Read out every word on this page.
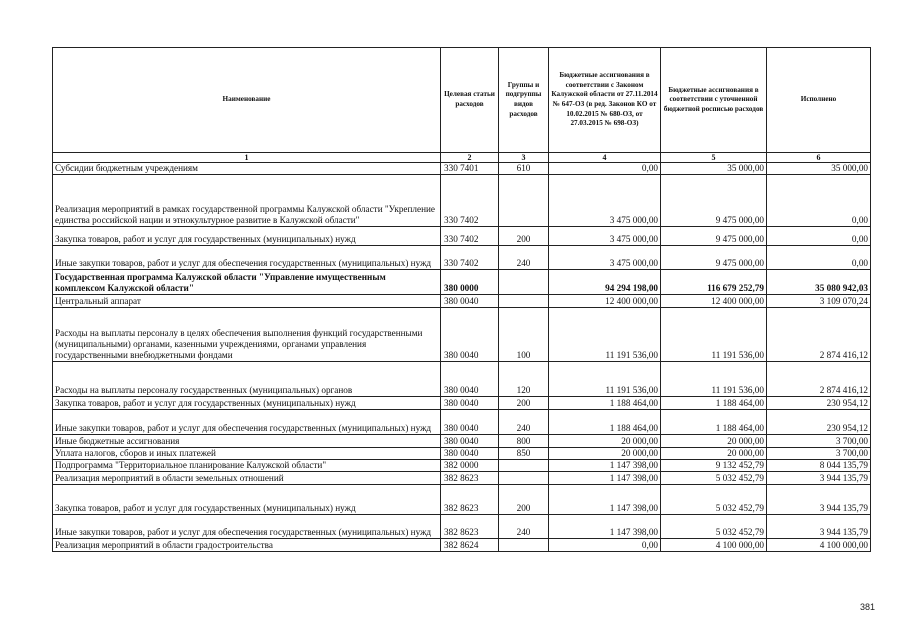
Наименование	Целевая статьи расходов	Группы и подгруппы видов расходов	Бюджетные ассигнования в соответствии с Законом Калужской области от 27.11.2014 № 647-ОЗ (в ред. Законов КО от 10.02.2015 № 680-ОЗ, от 27.03.2015 № 698-ОЗ)	Бюджетные ассигнования в соответствии с уточненной бюджетной росписью расходов	Исполнено
1	2	3	4	5	6
Субсидии бюджетным учреждениям	330 7401	610	0,00	35 000,00	35 000,00
Реализация мероприятий в рамках государственной программы Калужской области "Укрепление единства российской нации и этнокультурное развитие в Калужской области"	330 7402		3 475 000,00	9 475 000,00	0,00
Закупка товаров, работ и услуг для государственных (муниципальных) нужд	330 7402	200	3 475 000,00	9 475 000,00	0,00
Иные закупки товаров, работ и услуг для обеспечения государственных (муниципальных) нужд	330 7402	240	3 475 000,00	9 475 000,00	0,00
Государственная программа Калужской области "Управление имущественным комплексом Калужской области"	380 0000		94 294 198,00	116 679 252,79	35 080 942,03
Центральный аппарат	380 0040		12 400 000,00	12 400 000,00	3 109 070,24
Расходы на выплаты персоналу в целях обеспечения выполнения функций государственными (муниципальными) органами, казенными учреждениями, органами управления государственными внебюджетными фондами	380 0040	100	11 191 536,00	11 191 536,00	2 874 416,12
Расходы на выплаты персоналу государственных (муниципальных) органов	380 0040	120	11 191 536,00	11 191 536,00	2 874 416,12
Закупка товаров, работ и услуг для государственных (муниципальных) нужд	380 0040	200	1 188 464,00	1 188 464,00	230 954,12
Иные закупки товаров, работ и услуг для обеспечения государственных (муниципальных) нужд	380 0040	240	1 188 464,00	1 188 464,00	230 954,12
Иные бюджетные ассигнования	380 0040	800	20 000,00	20 000,00	3 700,00
Уплата налогов, сборов и иных платежей	380 0040	850	20 000,00	20 000,00	3 700,00
Подпрограмма "Территориальное планирование Калужской области"	382 0000		1 147 398,00	9 132 452,79	8 044 135,79
Реализация мероприятий в области земельных отношений	382 8623		1 147 398,00	5 032 452,79	3 944 135,79
Закупка товаров, работ и услуг для государственных (муниципальных) нужд	382 8623	200	1 147 398,00	5 032 452,79	3 944 135,79
Иные закупки товаров, работ и услуг для обеспечения государственных (муниципальных) нужд	382 8623	240	1 147 398,00	5 032 452,79	3 944 135,79
Реализация мероприятий в области градостроительства	382 8624		0,00	4 100 000,00	4 100 000,00
381
